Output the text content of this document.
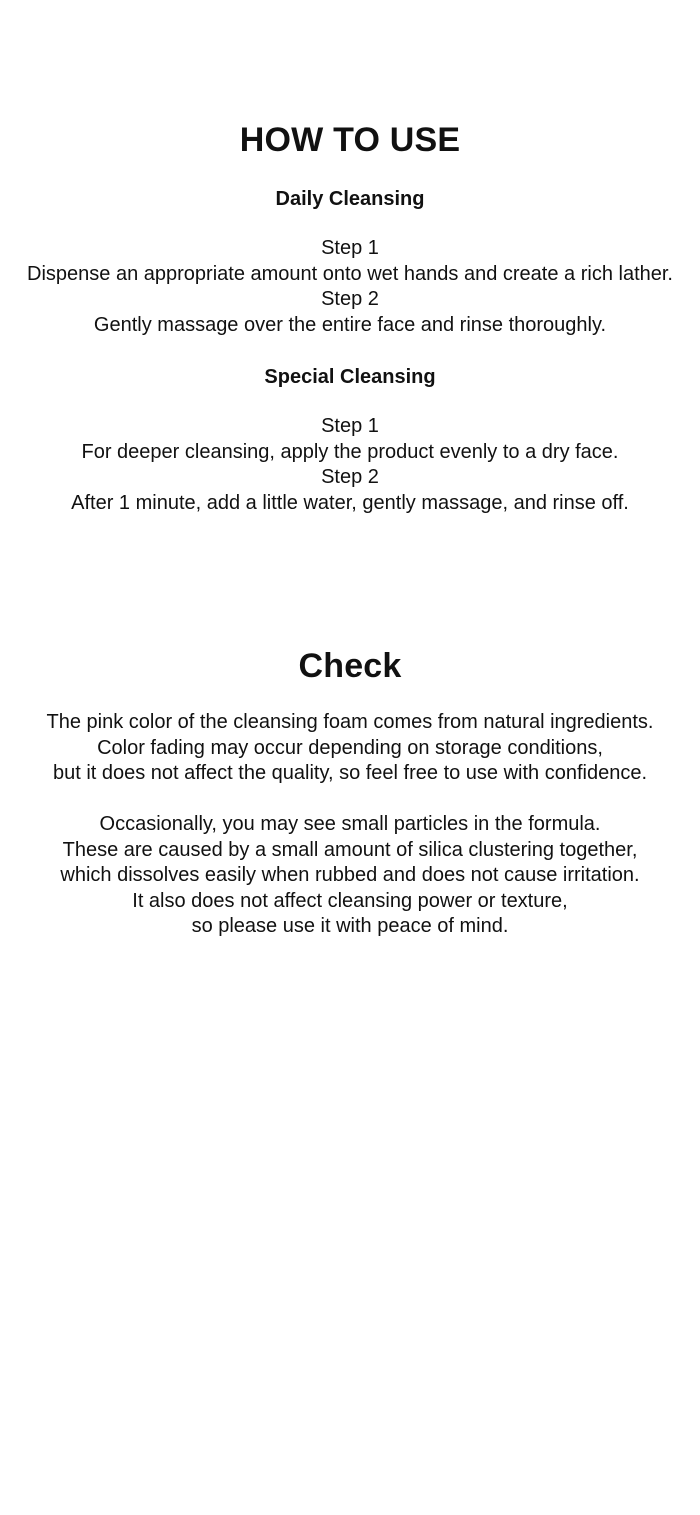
HOW TO USE
Daily Cleansing
Step 1
Dispense an appropriate amount onto wet hands and create a rich lather.
Step 2
Gently massage over the entire face and rinse thoroughly.
Special Cleansing
Step 1
For deeper cleansing, apply the product evenly to a dry face.
Step 2
After 1 minute, add a little water, gently massage, and rinse off.
Check
The pink color of the cleansing foam comes from natural ingredients.
Color fading may occur depending on storage conditions,
but it does not affect the quality, so feel free to use with confidence.
Occasionally, you may see small particles in the formula.
These are caused by a small amount of silica clustering together,
which dissolves easily when rubbed and does not cause irritation.
It also does not affect cleansing power or texture,
so please use it with peace of mind.
